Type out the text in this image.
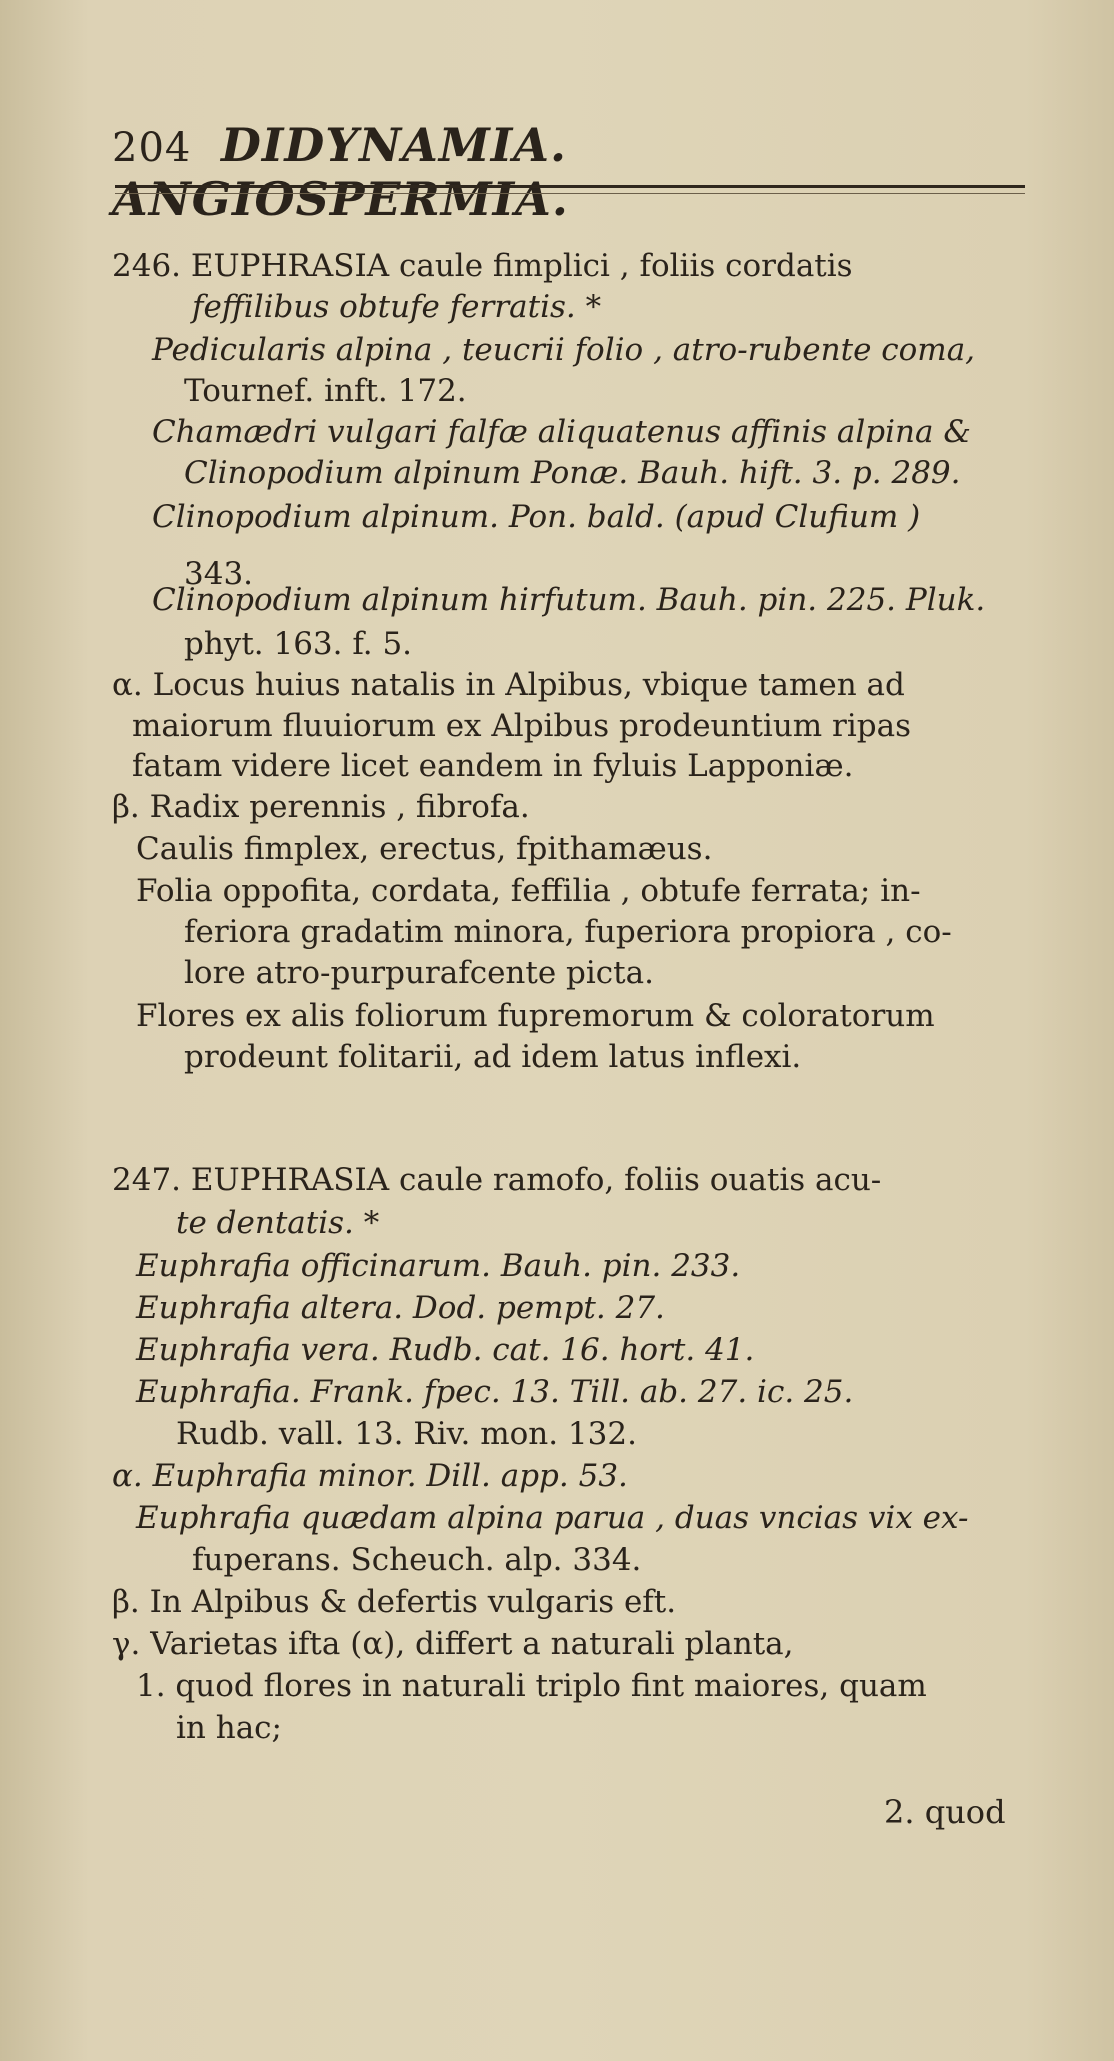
204 DIDYNAMIA. ANGIOSPERMIA.
246. EUPHRASIA caule fimplici , foliis cordatis
feffilibus obtufe ferratis. *
Pedicularis alpina , teucrii folio , atro-rubente coma,
Tournef. inft. 172.
Chamædri vulgari falfæ aliquatenus affinis alpina &
Clinopodium alpinum Ponæ. Bauh. hift. 3. p. 289.
Clinopodium alpinum. Pon. bald. (apud Clufium )
343.
Clinopodium alpinum hirfutum. Bauh. pin. 225. Pluk.
phyt. 163. f. 5.
α. Locus huius natalis in Alpibus, vbique tamen ad
maiorum fluuiorum ex Alpibus prodeuntium ripas
fatam videre licet eandem in fyluis Lapponiæ.
β. Radix perennis , fibrofa.
Caulis fimplex, erectus, fpithamæus.
Folia oppofita, cordata, feffilia , obtufe ferrata; in-
feriora gradatim minora, fuperiora propiora , co-
lore atro-purpurafcente picta.
Flores ex alis foliorum fupremorum & coloratorum
prodeunt folitarii, ad idem latus inflexi.
247. EUPHRASIA caule ramofo, foliis ouatis acu-
te dentatis. *
Euphrafia officinarum. Bauh. pin. 233.
Euphrafia altera. Dod. pempt. 27.
Euphrafia vera. Rudb. cat. 16. hort. 41.
Euphrafia. Frank. fpec. 13. Till. ab. 27. ic. 25.
Rudb. vall. 13. Riv. mon. 132.
α. Euphrafia minor. Dill. app. 53.
Euphrafia quædam alpina parua , duas vncias vix ex-
fuperans. Scheuch. alp. 334.
β. In Alpibus & defertis vulgaris eft.
γ. Varietas ifta (α), differt a naturali planta,
1. quod flores in naturali triplo fint maiores, quam
in hac;
2. quod
